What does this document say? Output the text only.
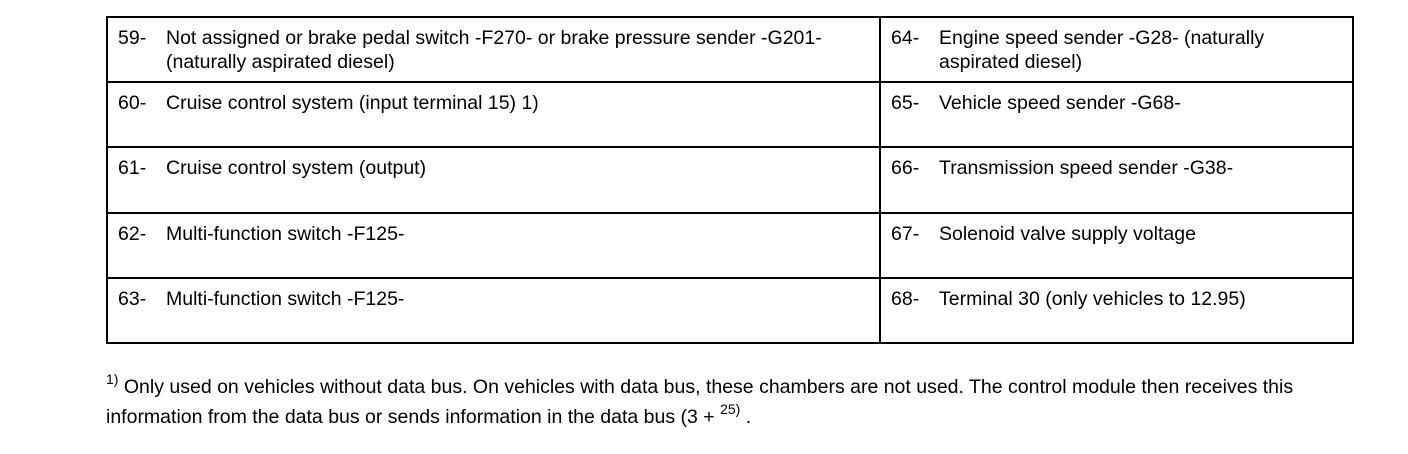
59- Not assigned or brake pedal switch -F270- or brake pressure sender -G201- (naturally aspirated diesel)	64- Engine speed sender -G28- (naturally aspirated diesel)

60- Cruise control system (input terminal 15) 1)	65- Vehicle speed sender -G68-

61- Cruise control system (output)	66- Transmission speed sender -G38-

62- Multi-function switch -F125-	67- Solenoid valve supply voltage

63- Multi-function switch -F125-	68- Terminal 30 (only vehicles to 12.95)

$^{1)}$ Only used on vehicles without data bus. On vehicles with data bus, these chambers are not used. The control module then receives this information from the data bus or sends information in the data bus (3 + $^{25)}$ .
